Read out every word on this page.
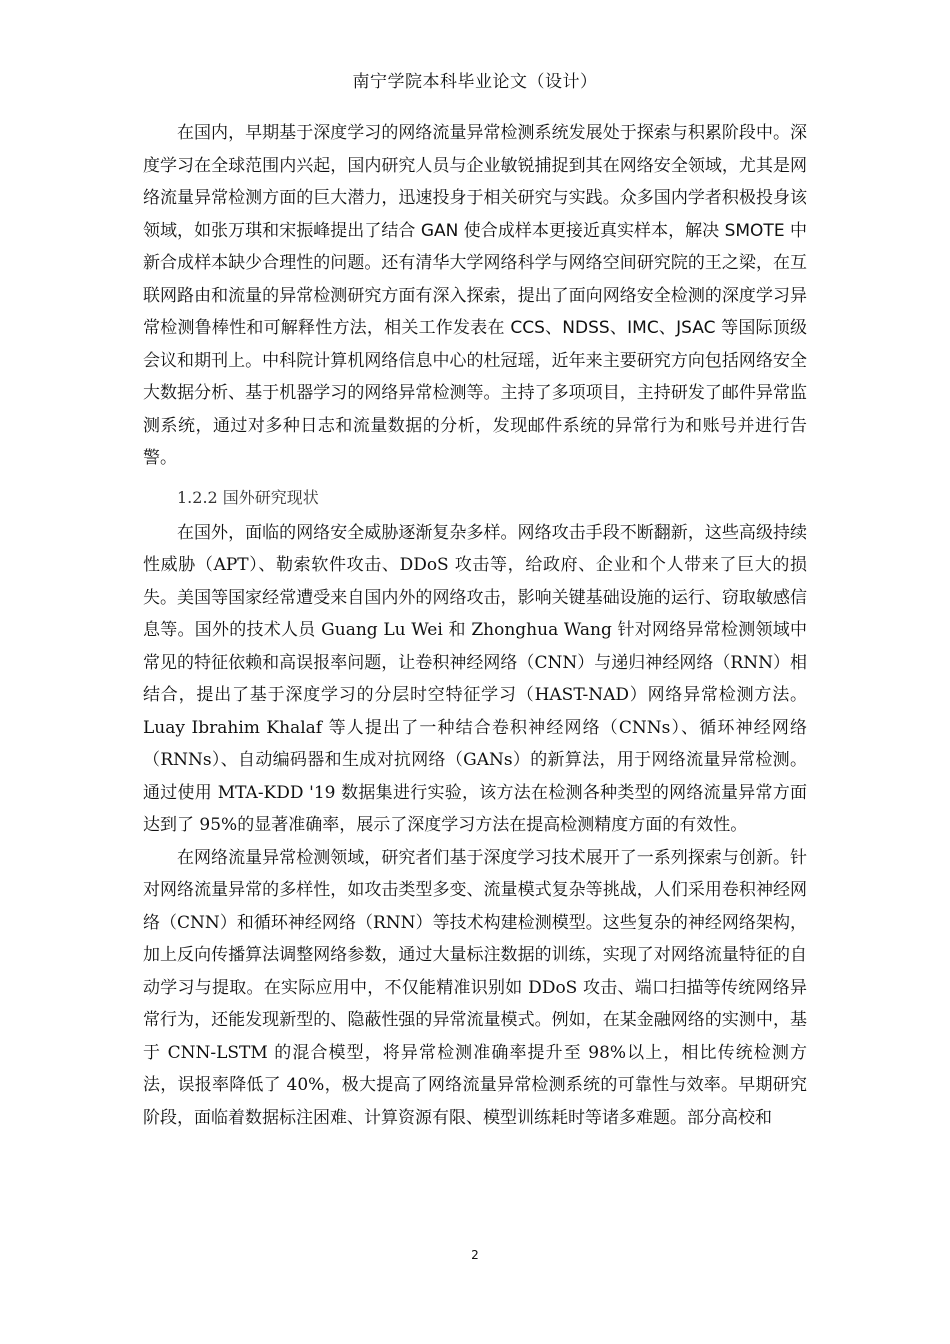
南宁学院本科毕业论文（设计）

在国内，早期基于深度学习的网络流量异常检测系统发展处于探索与积累阶段中。深度学习在全球范围内兴起，国内研究人员与企业敏锐捕捉到其在网络安全领域，尤其是网络流量异常检测方面的巨大潜力，迅速投身于相关研究与实践。众多国内学者积极投身该领域，如张万琪和宋振峰提出了结合 GAN 使合成样本更接近真实样本，解决 SMOTE 中新合成样本缺少合理性的问题。还有清华大学网络科学与网络空间研究院的王之梁，在互联网路由和流量的异常检测研究方面有深入探索，提出了面向网络安全检测的深度学习异常检测鲁棒性和可解释性方法，相关工作发表在 CCS、NDSS、IMC、JSAC 等国际顶级会议和期刊上。中科院计算机网络信息中心的杜冠瑶，近年来主要研究方向包括网络安全大数据分析、基于机器学习的网络异常检测等。主持了多项项目，主持研发了邮件异常监测系统，通过对多种日志和流量数据的分析，发现邮件系统的异常行为和账号并进行告警。

1.2.2 国外研究现状

在国外，面临的网络安全威胁逐渐复杂多样。网络攻击手段不断翻新，这些高级持续性威胁（APT）、勒索软件攻击、DDoS 攻击等，给政府、企业和个人带来了巨大的损失。美国等国家经常遭受来自国内外的网络攻击，影响关键基础设施的运行、窃取敏感信息等。国外的技术人员 Guang Lu Wei 和 Zhonghua Wang 针对网络异常检测领域中常见的特征依赖和高误报率问题，让卷积神经网络（CNN）与递归神经网络（RNN）相结合，提出了基于深度学习的分层时空特征学习（HAST-NAD）网络异常检测方法。Luay Ibrahim Khalaf 等人提出了一种结合卷积神经网络（CNNs）、循环神经网络（RNNs）、自动编码器和生成对抗网络（GANs）的新算法，用于网络流量异常检测。通过使用 MTA-KDD '19 数据集进行实验，该方法在检测各种类型的网络流量异常方面达到了 95%的显著准确率，展示了深度学习方法在提高检测精度方面的有效性。

在网络流量异常检测领域，研究者们基于深度学习技术展开了一系列探索与创新。针对网络流量异常的多样性，如攻击类型多变、流量模式复杂等挑战，人们采用卷积神经网络（CNN）和循环神经网络（RNN）等技术构建检测模型。这些复杂的神经网络架构，加上反向传播算法调整网络参数，通过大量标注数据的训练，实现了对网络流量特征的自动学习与提取。在实际应用中，不仅能精准识别如 DDoS 攻击、端口扫描等传统网络异常行为，还能发现新型的、隐蔽性强的异常流量模式。例如，在某金融网络的实测中，基于 CNN-LSTM 的混合模型，将异常检测准确率提升至 98%以上，相比传统检测方法，误报率降低了 40%，极大提高了网络流量异常检测系统的可靠性与效率。早期研究阶段，面临着数据标注困难、计算资源有限、模型训练耗时等诸多难题。部分高校和

2
